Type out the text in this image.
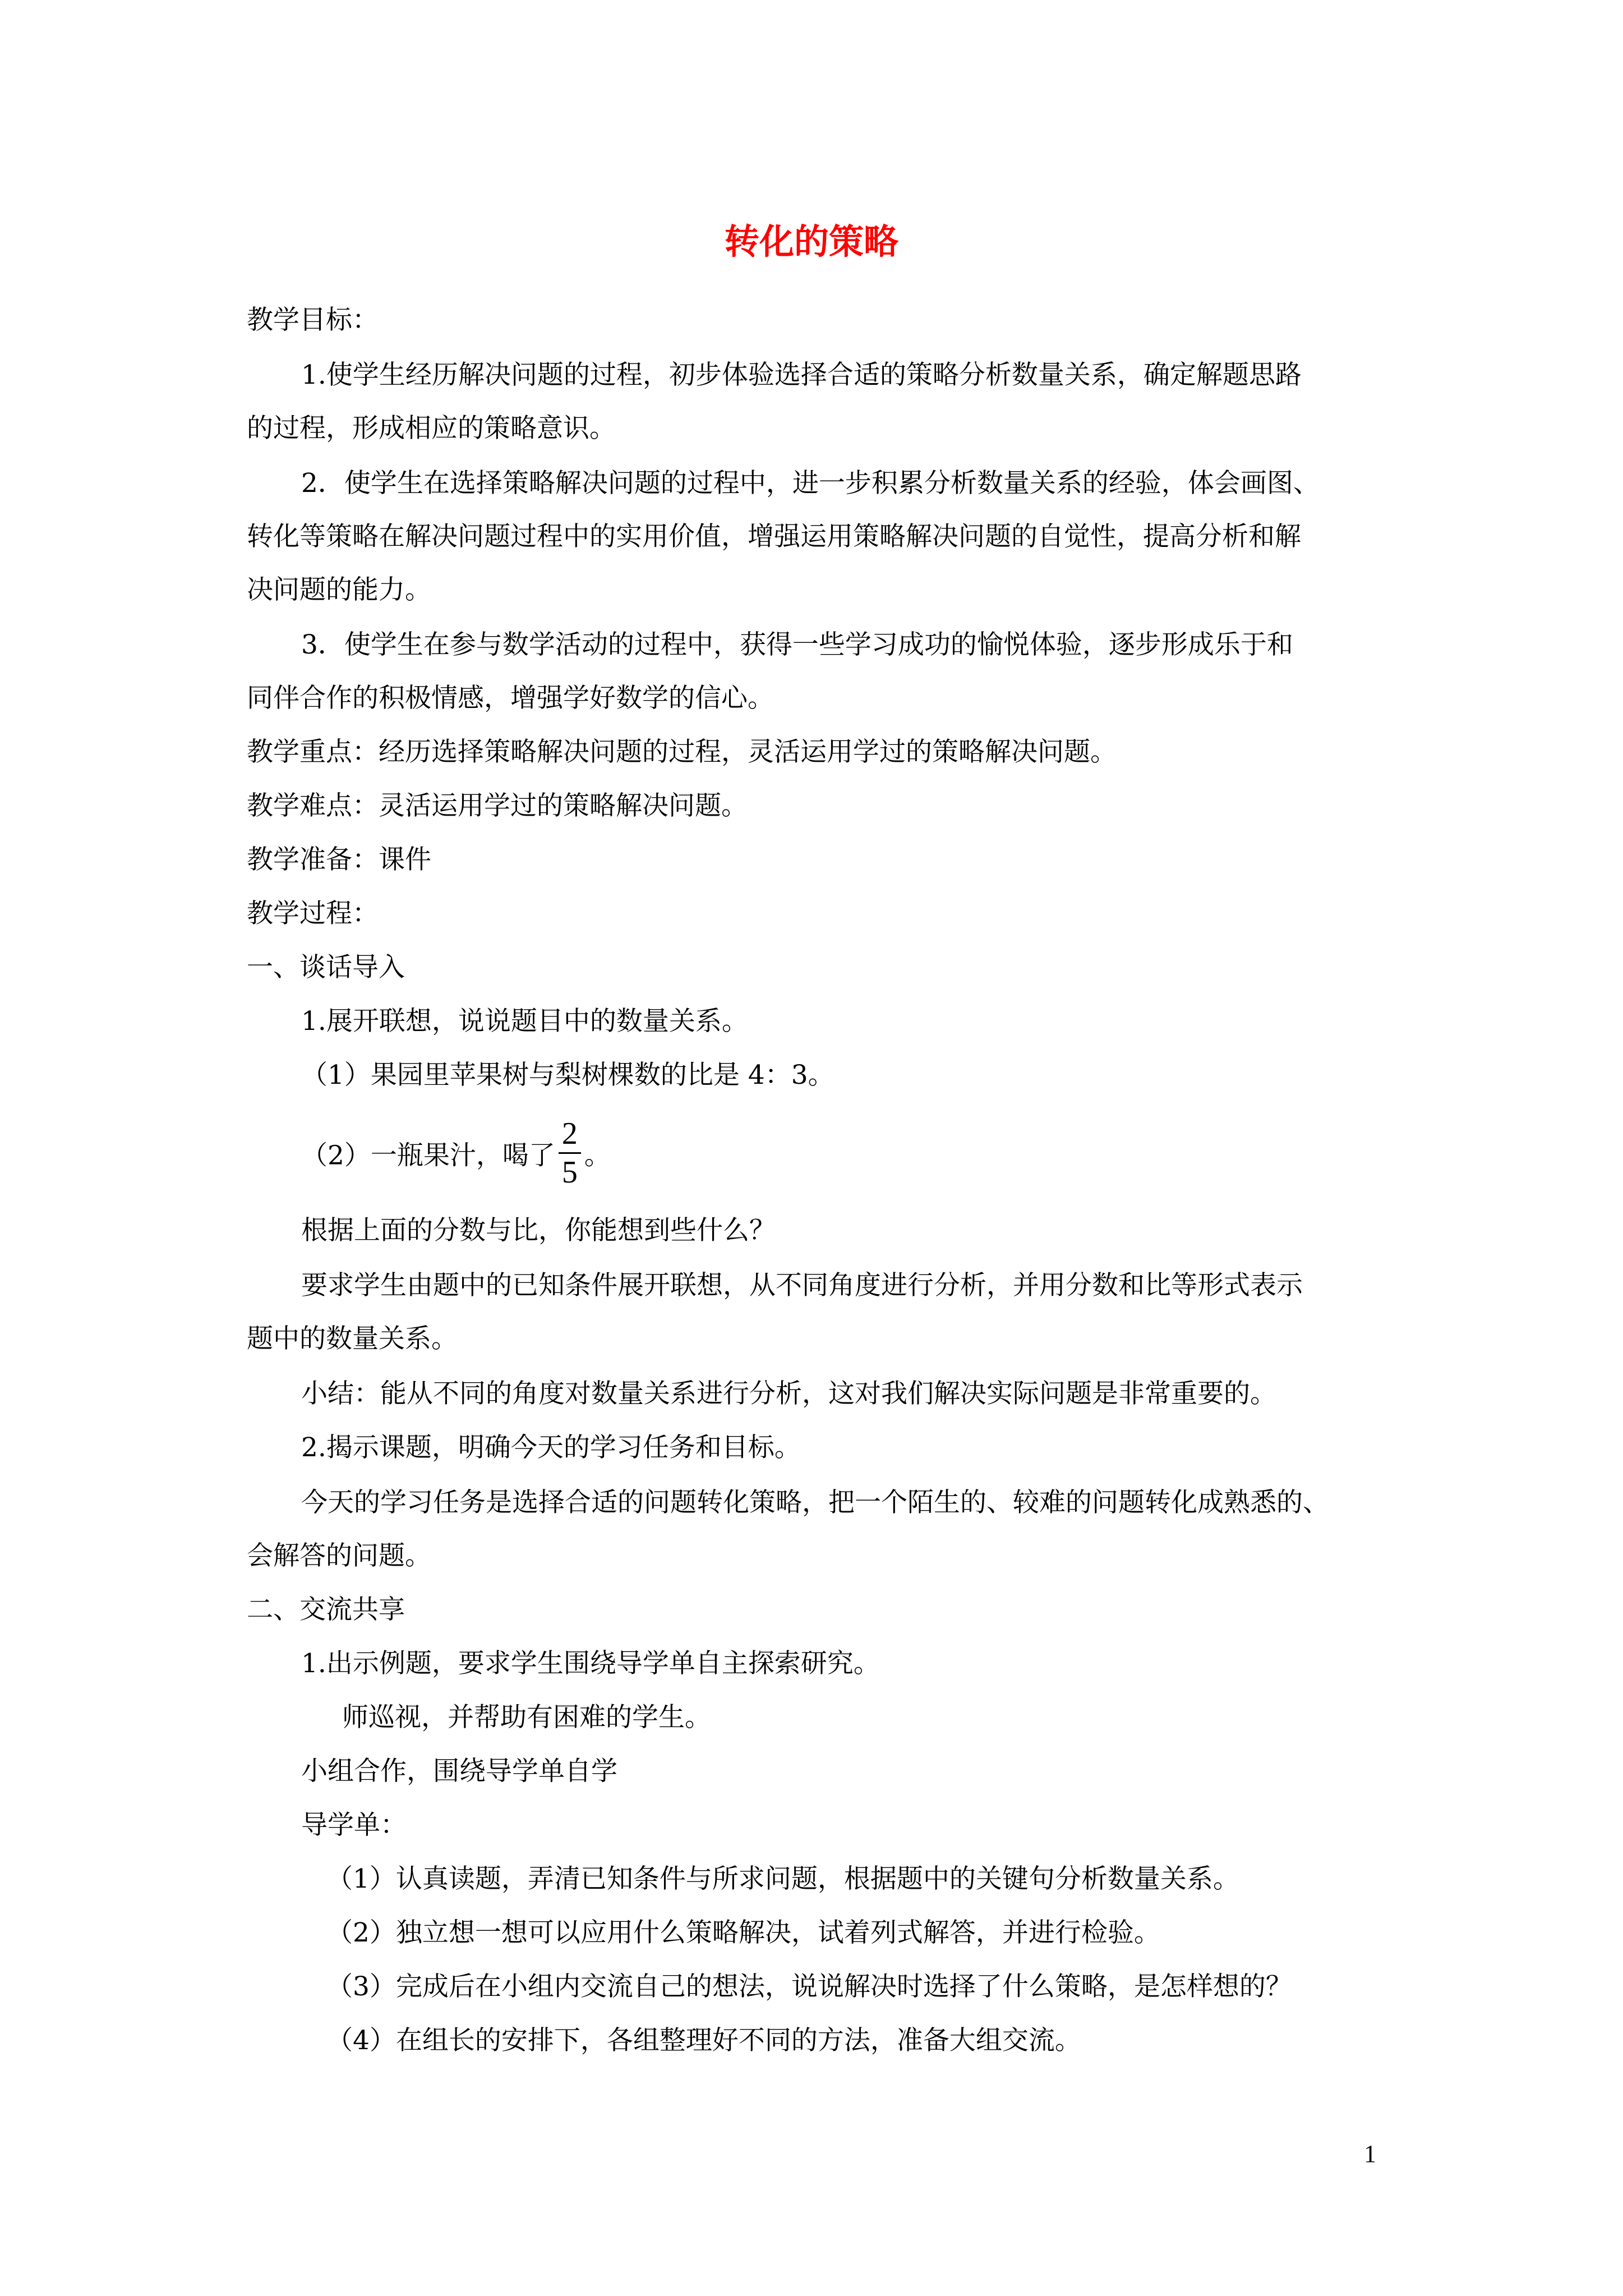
转化的策略
教学目标：
1.使学生经历解决问题的过程，初步体验选择合适的策略分析数量关系，确定解题思路
的过程，形成相应的策略意识。
2．使学生在选择策略解决问题的过程中，进一步积累分析数量关系的经验，体会画图、
转化等策略在解决问题过程中的实用价值，增强运用策略解决问题的自觉性，提高分析和解
决问题的能力。
3．使学生在参与数学活动的过程中，获得一些学习成功的愉悦体验，逐步形成乐于和
同伴合作的积极情感，增强学好数学的信心。
教学重点：经历选择策略解决问题的过程，灵活运用学过的策略解决问题。
教学难点：灵活运用学过的策略解决问题。
教学准备：课件
教学过程：
一、谈话导入
1.展开联想，说说题目中的数量关系。
（1）果园里苹果树与梨树棵数的比是 4：3。
（2）一瓶果汁，喝了 $\frac{2}{5}$ 。
根据上面的分数与比，你能想到些什么？
要求学生由题中的已知条件展开联想，从不同角度进行分析，并用分数和比等形式表示
题中的数量关系。
小结：能从不同的角度对数量关系进行分析，这对我们解决实际问题是非常重要的。
2.揭示课题，明确今天的学习任务和目标。
今天的学习任务是选择合适的问题转化策略，把一个陌生的、较难的问题转化成熟悉的、
会解答的问题。
二、交流共享
1.出示例题，要求学生围绕导学单自主探索研究。
师巡视，并帮助有困难的学生。
小组合作，围绕导学单自学
导学单：
（1）认真读题，弄清已知条件与所求问题，根据题中的关键句分析数量关系。
（2）独立想一想可以应用什么策略解决，试着列式解答，并进行检验。
（3）完成后在小组内交流自己的想法，说说解决时选择了什么策略，是怎样想的？
（4）在组长的安排下，各组整理好不同的方法，准备大组交流。
1
